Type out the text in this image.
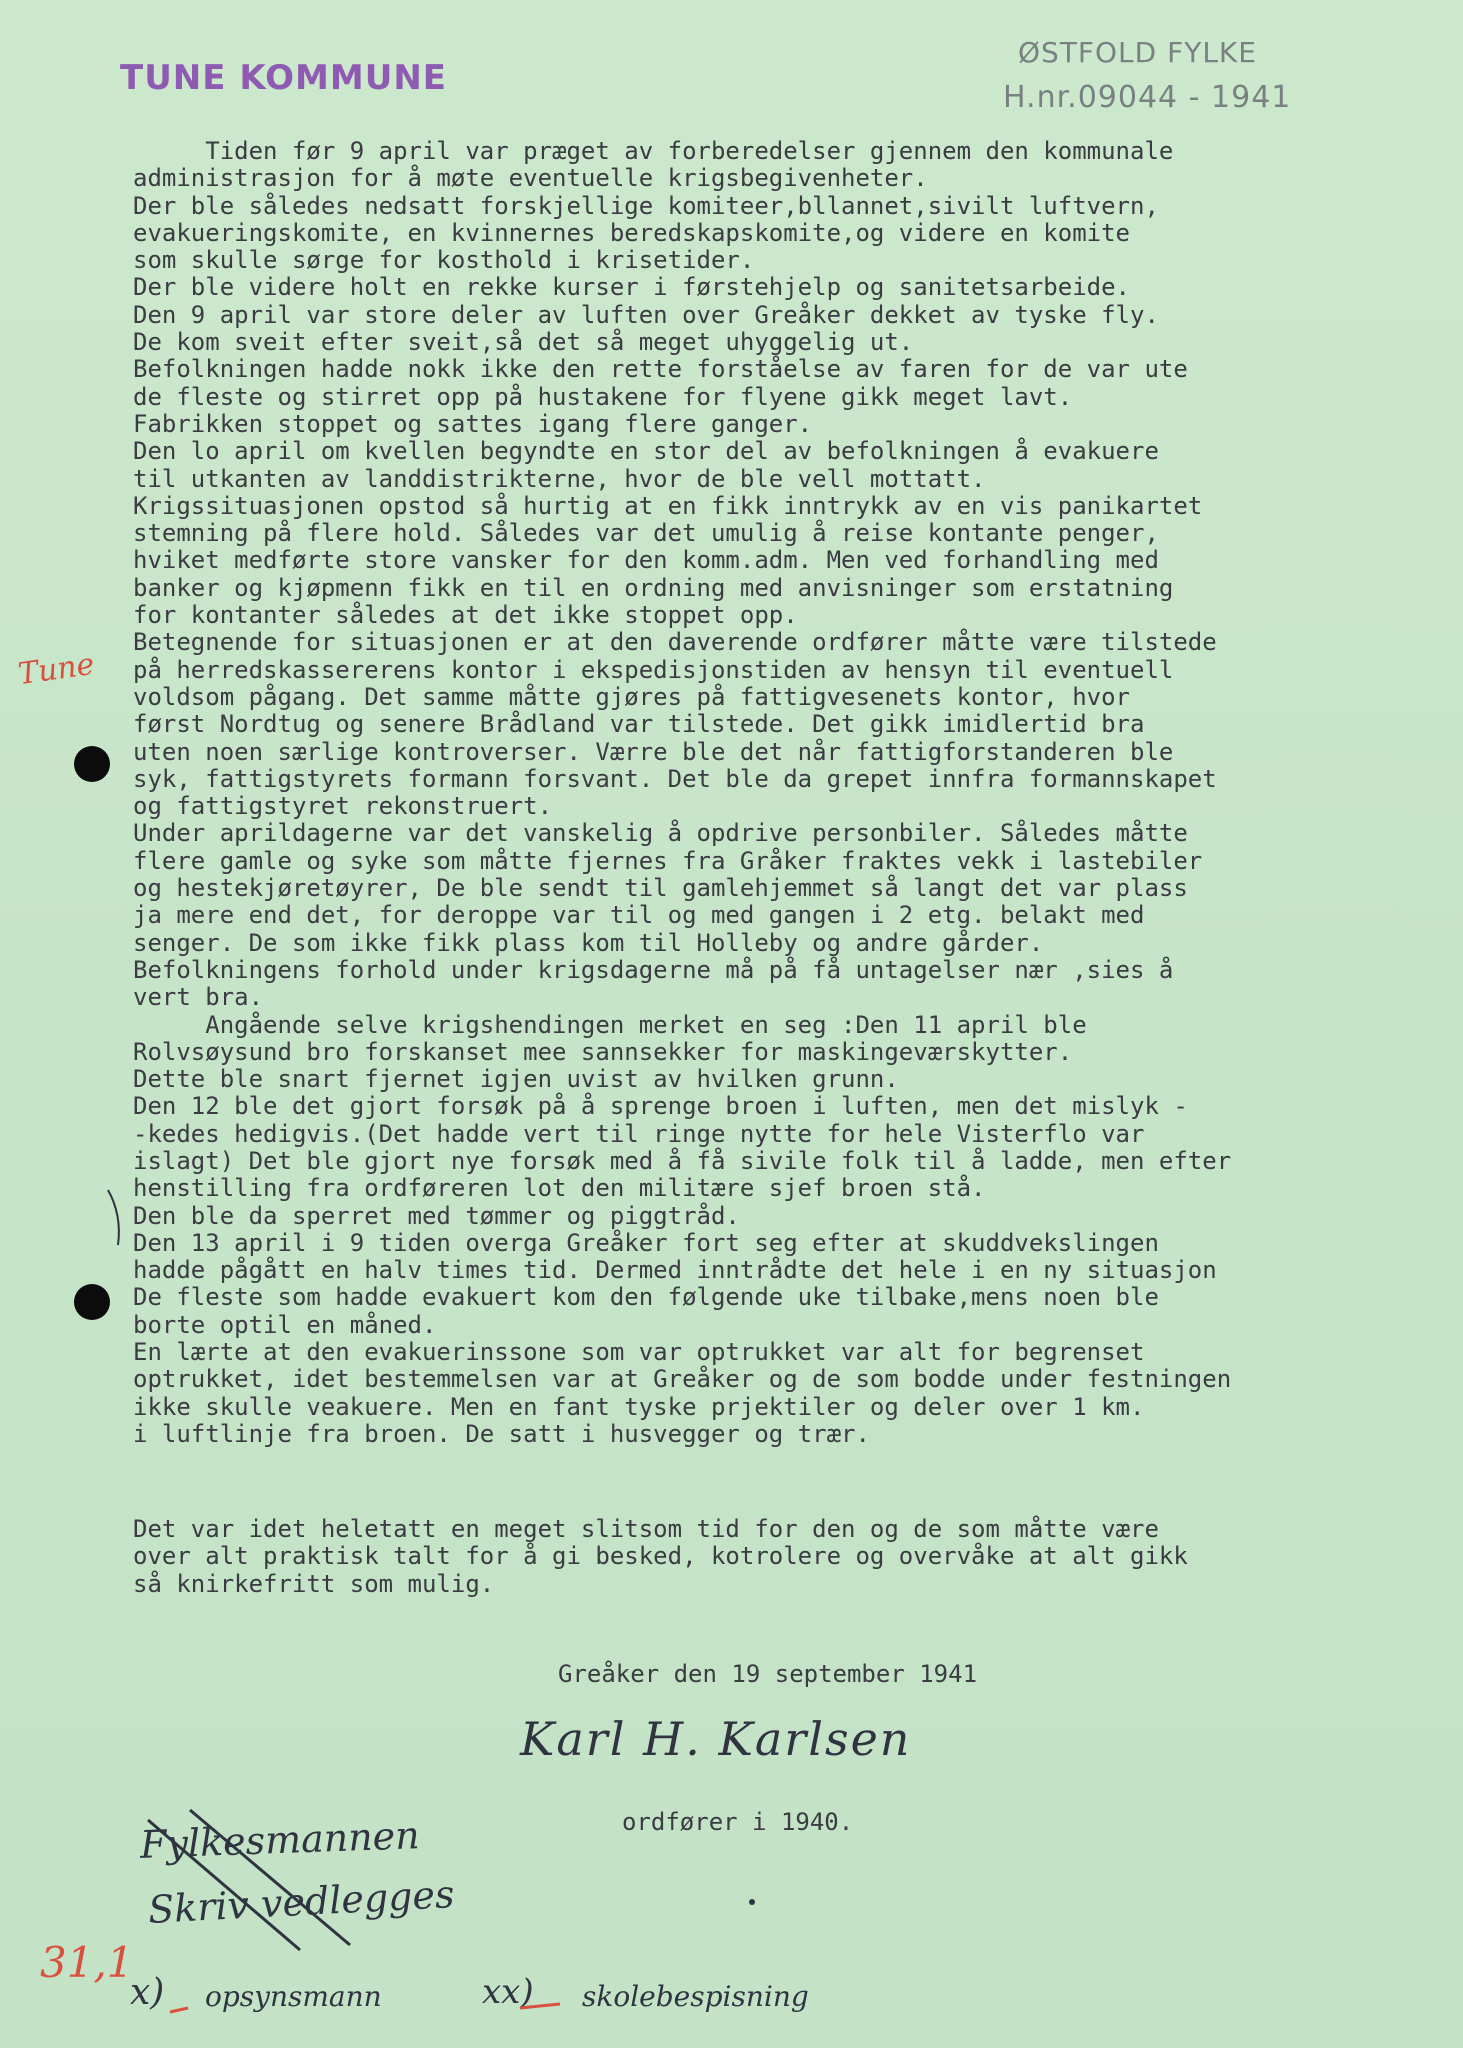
TUNE KOMMUNE
ØSTFOLD FYLKE
H.nr.09044 - 1941
Tiden før 9 april var præget av forberedelser gjennem den kommunale
administrasjon for å møte eventuelle krigsbegivenheter.
Der ble således nedsatt forskjellige komiteer,bllannet,sivilt luftvern,
evakueringskomite, en kvinnernes beredskapskomite,og videre en komite
som skulle sørge for kosthold i krisetider.
Der ble videre holt en rekke kurser i førstehjelp og sanitetsarbeide.
Den 9 april var store deler av luften over Greåker dekket av tyske fly.
De kom sveit efter sveit,så det så meget uhyggelig ut.
Befolkningen hadde nokk ikke den rette forståelse av faren for de var ute
de fleste og stirret opp på hustakene for flyene gikk meget lavt.
Fabrikken stoppet og sattes igang flere ganger.
Den lo april om kvellen begyndte en stor del av befolkningen å evakuere
til utkanten av landdistrikterne, hvor de ble vell mottatt.
Krigssituasjonen opstod så hurtig at en fikk inntrykk av en vis panikartet
stemning på flere hold. Således var det umulig å reise kontante penger,
hviket medførte store vansker for den komm.adm. Men ved forhandling med
banker og kjøpmenn fikk en til en ordning med anvisninger som erstatning
for kontanter således at det ikke stoppet opp.
Betegnende for situasjonen er at den daverende ordfører måtte være tilstede
på herredskassererens kontor i ekspedisjonstiden av hensyn til eventuell
voldsom pågang. Det samme måtte gjøres på fattigvesenets kontor, hvor
først Nordtug og senere Brådland var tilstede. Det gikk imidlertid bra
uten noen særlige kontroverser. Værre ble det når fattigforstanderen ble
syk, fattigstyrets formann forsvant. Det ble da grepet innfra formannskapet
og fattigstyret rekonstruert.
Under aprildagerne var det vanskelig å opdrive personbiler. Således måtte
flere gamle og syke som måtte fjernes fra Gråker fraktes vekk i lastebiler
og hestekjøretøyrer, De ble sendt til gamlehjemmet så langt det var plass
ja mere end det, for deroppe var til og med gangen i 2 etg. belakt med
senger. De som ikke fikk plass kom til Holleby og andre gårder.
Befolkningens forhold under krigsdagerne må på få untagelser nær ,sies å
vert bra.
Angående selve krigshendingen merket en seg :Den 11 april ble
Rolvsøysund bro forskanset mee sannsekker for maskingeværskytter.
Dette ble snart fjernet igjen uvist av hvilken grunn.
Den 12 ble det gjort forsøk på å sprenge broen i luften, men det mislyk -
-kedes hedigvis.(Det hadde vert til ringe nytte for hele Visterflo var
islagt) Det ble gjort nye forsøk med å få sivile folk til å ladde, men efter
henstilling fra ordføreren lot den militære sjef broen stå.
Den ble da sperret med tømmer og piggtråd.
Den 13 april i 9 tiden overga Greåker fort seg efter at skuddvekslingen
hadde pågått en halv times tid. Dermed inntrådte det hele i en ny situasjon
De fleste som hadde evakuert kom den følgende uke tilbake,mens noen ble
borte optil en måned.
En lærte at den evakuerinssone som var optrukket var alt for begrenset
optrukket, idet bestemmelsen var at Greåker og de som bodde under festningen
ikke skulle veakuere. Men en fant tyske prjektiler og deler over 1 km.
i luftlinje fra broen. De satt i husvegger og trær.
Det var idet heletatt en meget slitsom tid for den og de som måtte være
over alt praktisk talt for å gi besked, kotrolere og overvåke at alt gikk
så knirkefritt som mulig.
Greåker den 19 september 1941
Karl H. Karlsen
ordfører i 1940.
Tune
Fylkesmannen
Skriv vedlegges
31,1
x) opsynsmann	xx) skolebespisning
